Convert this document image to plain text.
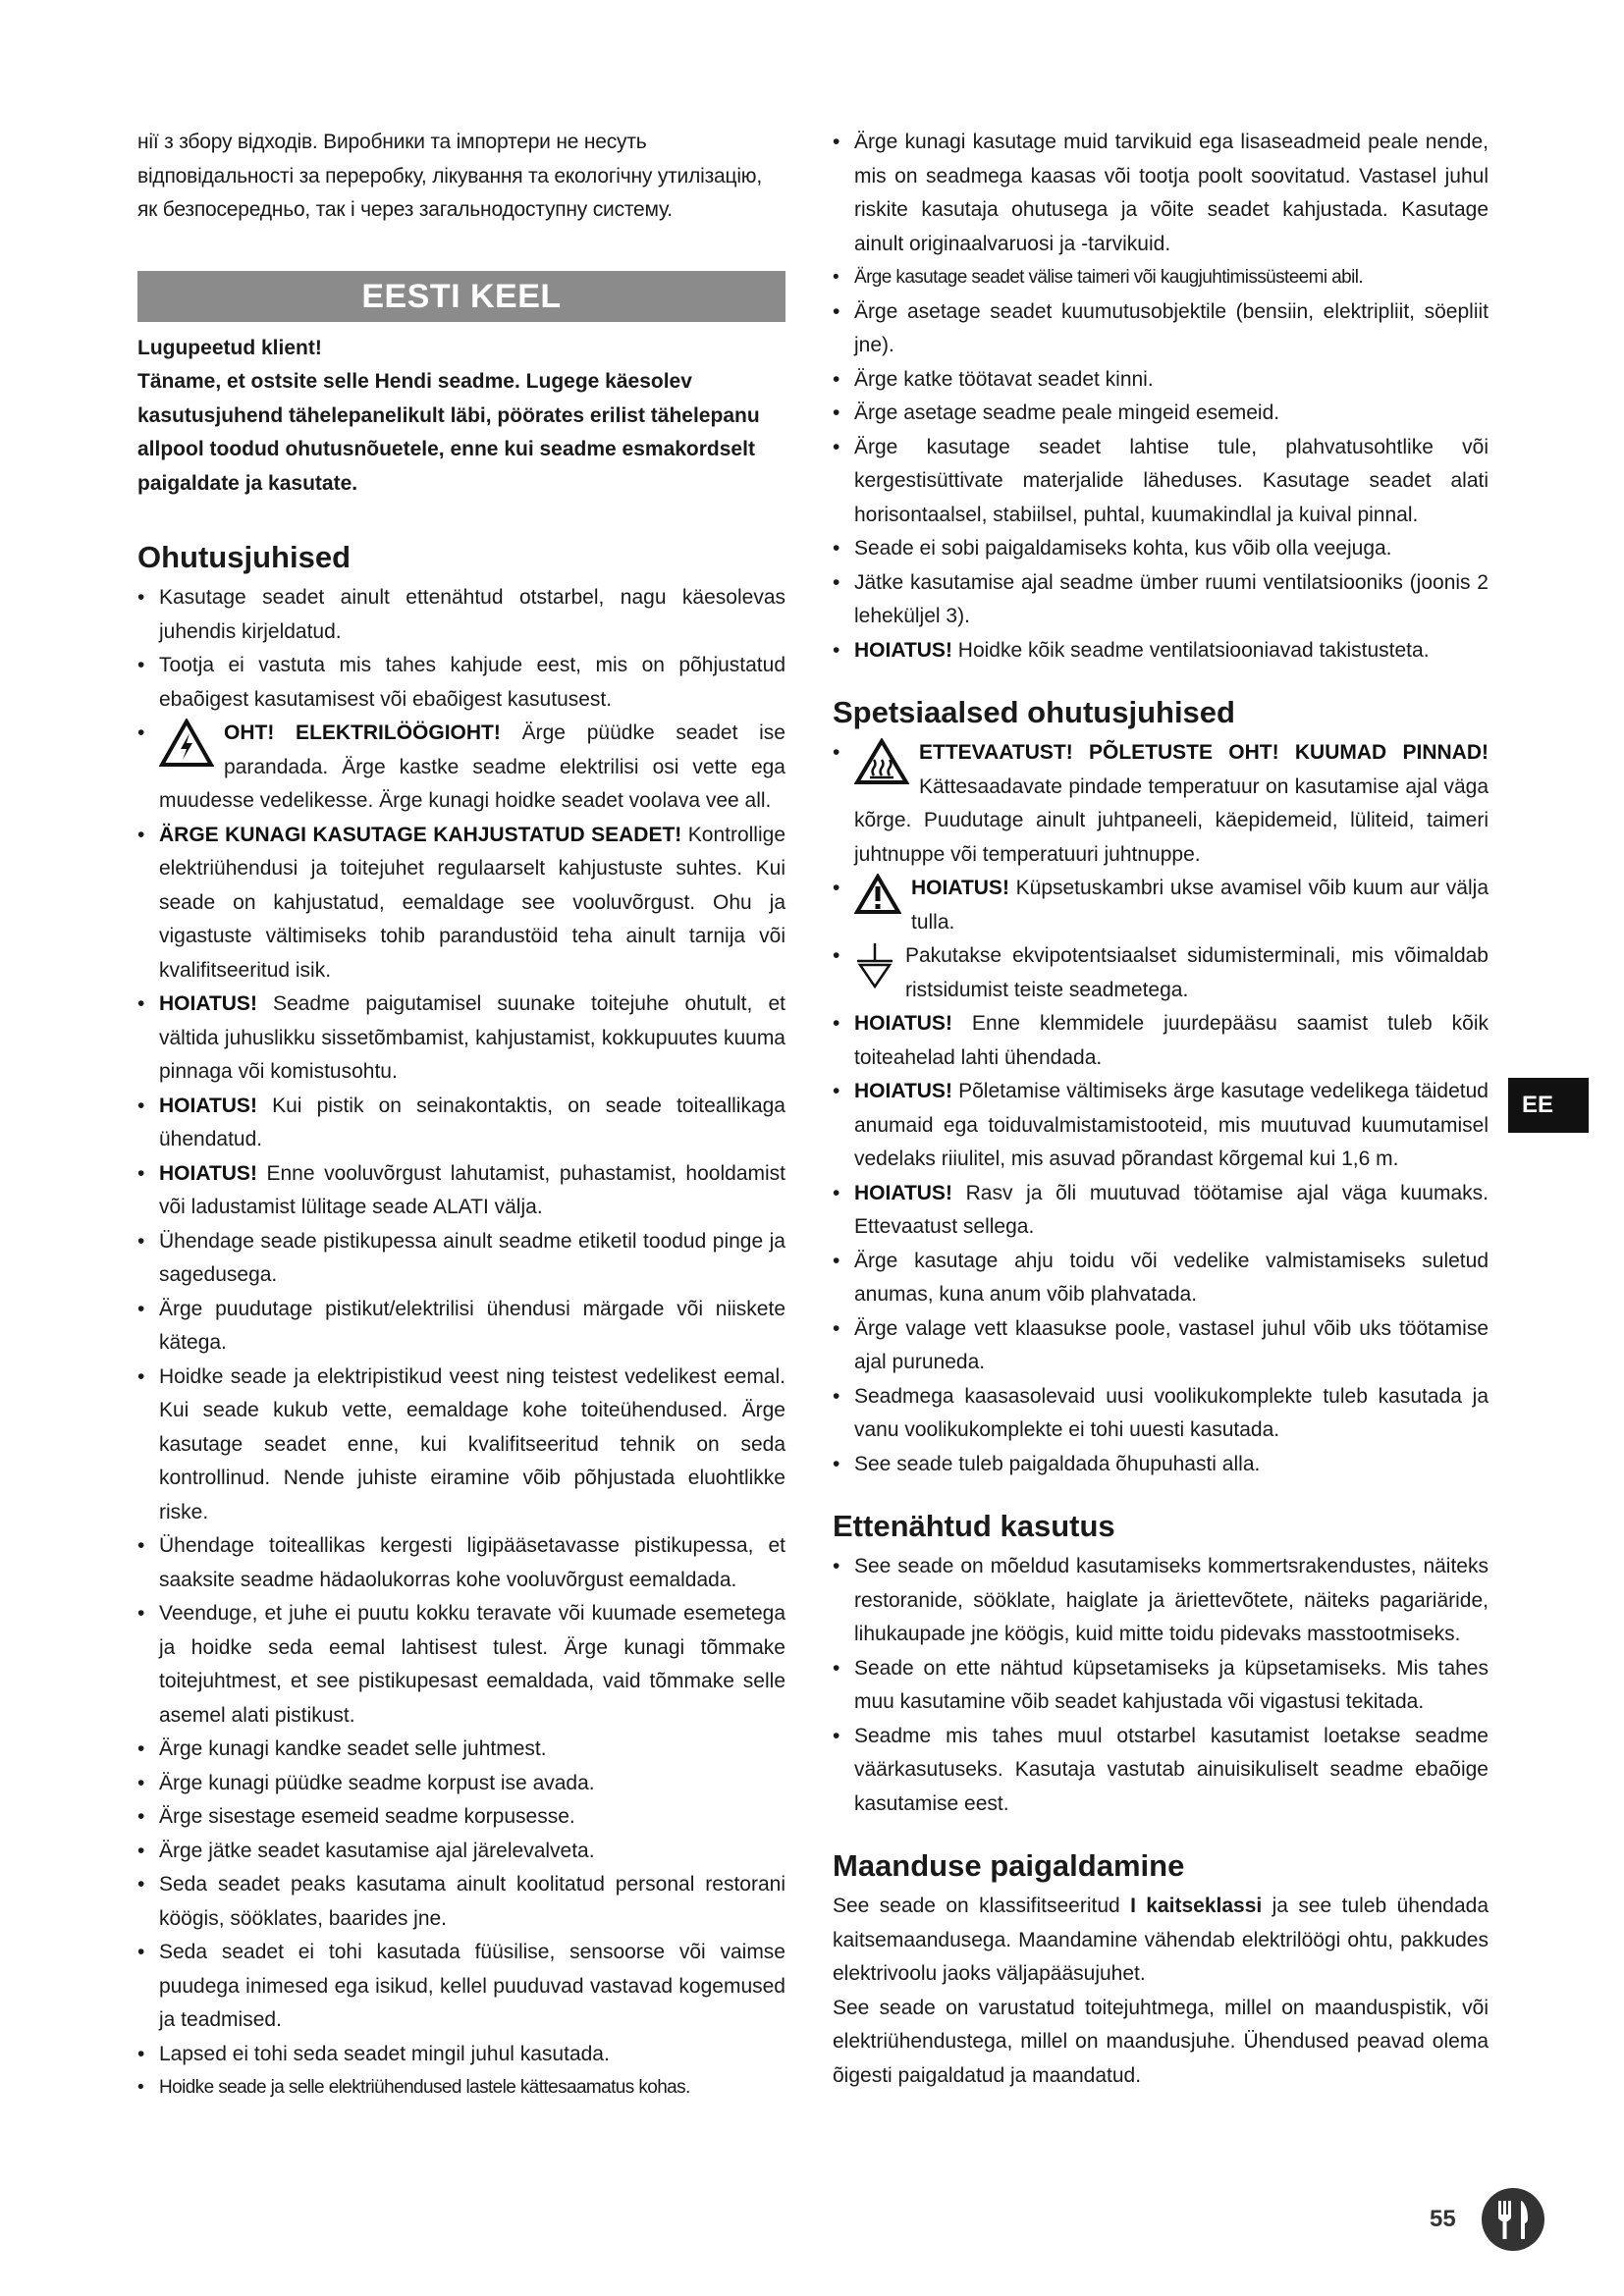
нії з збору відходів. Виробники та імпортери не несуть відповідальності за переробку, лікування та екологічну утилізацію, як безпосередньо, так і через загальнодоступну систему.

EESTI KEEL

Lugupeetud klient!

Täname, et ostsite selle Hendi seadme. Lugege käesolev kasutusjuhend tähelepanelikult läbi, pöörates erilist tähelepanu allpool toodud ohutusnõuetele, enne kui seadme esmakordselt paigaldate ja kasutate.

Ohutusjuhised
• Kasutage seadet ainult ettenähtud otstarbel, nagu käesolevas juhendis kirjeldatud.
• Tootja ei vastuta mis tahes kahjude eest, mis on põhjustatud ebaõigest kasutamisest või ebaõigest kasutusest.
• OHT! ELEKTRILÖÖGIOHT! Ärge püüdke seadet ise parandada. Ärge kastke seadme elektrilisi osi vette ega muudesse vedelikesse. Ärge kunagi hoidke seadet voolava vee all.
• ÄRGE KUNAGI KASUTAGE KAHJUSTATUD SEADET! Kontrollige elektriühendusi ja toitejuhet regulaarselt kahjustuste suhtes. Kui seade on kahjustatud, eemaldage see vooluvõrgust. Ohu ja vigastuste vältimiseks tohib parandustöid teha ainult tarnija või kvalifitseeritud isik.
• HOIATUS! Seadme paigutamisel suunake toitejuhe ohutult, et vältida juhuslikku sissetõmbamist, kahjustamist, kokkupuutes kuuma pinnaga või komistusohtu.
• HOIATUS! Kui pistik on seinakontaktis, on seade toiteallikaga ühendatud.
• HOIATUS! Enne vooluvõrgust lahutamist, puhastamist, hooldamist või ladustamist lülitage seade ALATI välja.
• Ühendage seade pistikupessa ainult seadme etiketil toodud pinge ja sagedusega.
• Ärge puudutage pistikut/elektrilisi ühendusi märgade või niiskete kätega.
• Hoidke seade ja elektripistikud veest ning teistest vedelikest eemal. Kui seade kukub vette, eemaldage kohe toiteühendused. Ärge kasutage seadet enne, kui kvalifitseeritud tehnik on seda kontrollinud. Nende juhiste eiramine võib põhjustada eluohtlikke riske.
• Ühendage toiteallikas kergesti ligipääsetavasse pistikupessa, et saaksite seadme hädaolukorras kohe vooluvõrgust eemaldada.
• Veenduge, et juhe ei puutu kokku teravate või kuumade esemetega ja hoidke seda eemal lahtisest tulest. Ärge kunagi tõmmake toitejuhtmest, et see pistikupesast eemaldada, vaid tõmmake selle asemel alati pistikust.
• Ärge kunagi kandke seadet selle juhtmest.
• Ärge kunagi püüdke seadme korpust ise avada.
• Ärge sisestage esemeid seadme korpusesse.
• Ärge jätke seadet kasutamise ajal järelevalveta.
• Seda seadet peaks kasutama ainult koolitatud personal restorani köögis, sööklates, baarides jne.
• Seda seadet ei tohi kasutada füüsilise, sensoorse või vaimse puudega inimesed ega isikud, kellel puuduvad vastavad kogemused ja teadmised.
• Lapsed ei tohi seda seadet mingil juhul kasutada.
• Hoidke seade ja selle elektriühendused lastele kättesaamatus kohas.
• Ärge kunagi kasutage muid tarvikuid ega lisaseadmeid peale nende, mis on seadmega kaasas või tootja poolt soovitatud. Vastasel juhul riskite kasutaja ohutusega ja võite seadet kahjustada. Kasutage ainult originaalvaruosi ja -tarvikuid.
• Ärge kasutage seadet välise taimeri või kaugjuhtimissüsteemi abil.
• Ärge asetage seadet kuumutusobjektile (bensiin, elektripliit, söepliit jne).
• Ärge katke töötavat seadet kinni.
• Ärge asetage seadme peale mingeid esemeid.
• Ärge kasutage seadet lahtise tule, plahvatusohtlike või kergestisüttivate materjalide läheduses. Kasutage seadet alati horisontaalsel, stabiilsel, puhtal, kuumakindlal ja kuival pinnal.
• Seade ei sobi paigaldamiseks kohta, kus võib olla veejuga.
• Jätke kasutamise ajal seadme ümber ruumi ventilatsiooniks (joonis 2 leheküljel 3).
• HOIATUS! Hoidke kõik seadme ventilatsiooniavad takistusteta.
Spetsiaalsed ohutusjuhised
• ETTEVAATUST! PÕLETUSTE OHT! KUUMAD PINNAD! Kättesaadavate pindade temperatuur on kasutamise ajal väga kõrge. Puudutage ainult juhtpaneeli, käepidemeid, lüliteid, taimeri juhtnuppe või temperatuuri juhtnuppe.
• HOIATUS! Küpsetuskambri ukse avamisel võib kuum aur välja tulla.
• Pakutakse ekvipotentsiaalset sidumisterminali, mis võimaldab ristsidumist teiste seadmetega.
• HOIATUS! Enne klemmidele juurdepääsu saamist tuleb kõik toiteahelad lahti ühendada.
• HOIATUS! Põletamise vältimiseks ärge kasutage vedelikega täidetud anumaid ega toiduvalmistamistooteid, mis muutuvad kuumutamisel vedelaks riiulitel, mis asuvad põrandast kõrgemal kui 1,6 m.
• HOIATUS! Rasv ja õli muutuvad töötamise ajal väga kuumaks. Ettevaatust sellega.
• Ärge kasutage ahju toidu või vedelike valmistamiseks suletud anumas, kuna anum võib plahvatada.
• Ärge valage vett klaasukse poole, vastasel juhul võib uks töötamise ajal puruneda.
• Seadmega kaasasolevaid uusi voolikukomplekte tuleb kasutada ja vanu voolikukomplekte ei tohi uuesti kasutada.
• See seade tuleb paigaldada õhupuhasti alla.
Ettenähtud kasutus
• See seade on mõeldud kasutamiseks kommertsrakendustes, näiteks restoranide, sööklate, haiglate ja äriettevõtete, näiteks pagariäride, lihukaupade jne köögis, kuid mitte toidu pidevaks masstootmiseks.
• Seade on ette nähtud küpsetamiseks ja küpsetamiseks. Mis tahes muu kasutamine võib seadet kahjustada või vigastusi tekitada.
• Seadme mis tahes muul otstarbel kasutamist loetakse seadme väärkasutuseks. Kasutaja vastutab ainuisikuliselt seadme ebaõige kasutamise eest.
Maanduse paigaldamine

See seade on klassifitseeritud I kaitseklassi ja see tuleb ühendada kaitsemaandusega. Maandamine vähendab elektrilöögi ohtu, pakkudes elektrivoolu jaoks väljapääsujuhet.

See seade on varustatud toitejuhtmega, millel on maanduspistik, või elektriühendustega, millel on maandusjuhe. Ühendused peavad olema õigesti paigaldatud ja maandatud.

EE
55
